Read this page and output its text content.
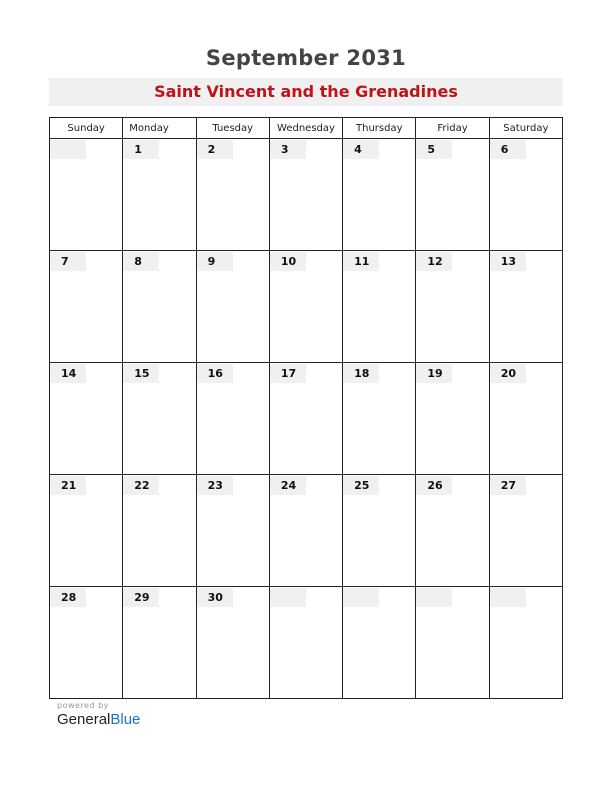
September 2031
Saint Vincent and the Grenadines
Sunday	Monday	Tuesday	Wednesday	Thursday	Friday	Saturday

	1	2	3	4	5	6

7	8	9	10	11	12	13

14	15	16	17	18	19	20

21	22	23	24	25	26	27

28	29	30				

powered by
GeneralBlue
